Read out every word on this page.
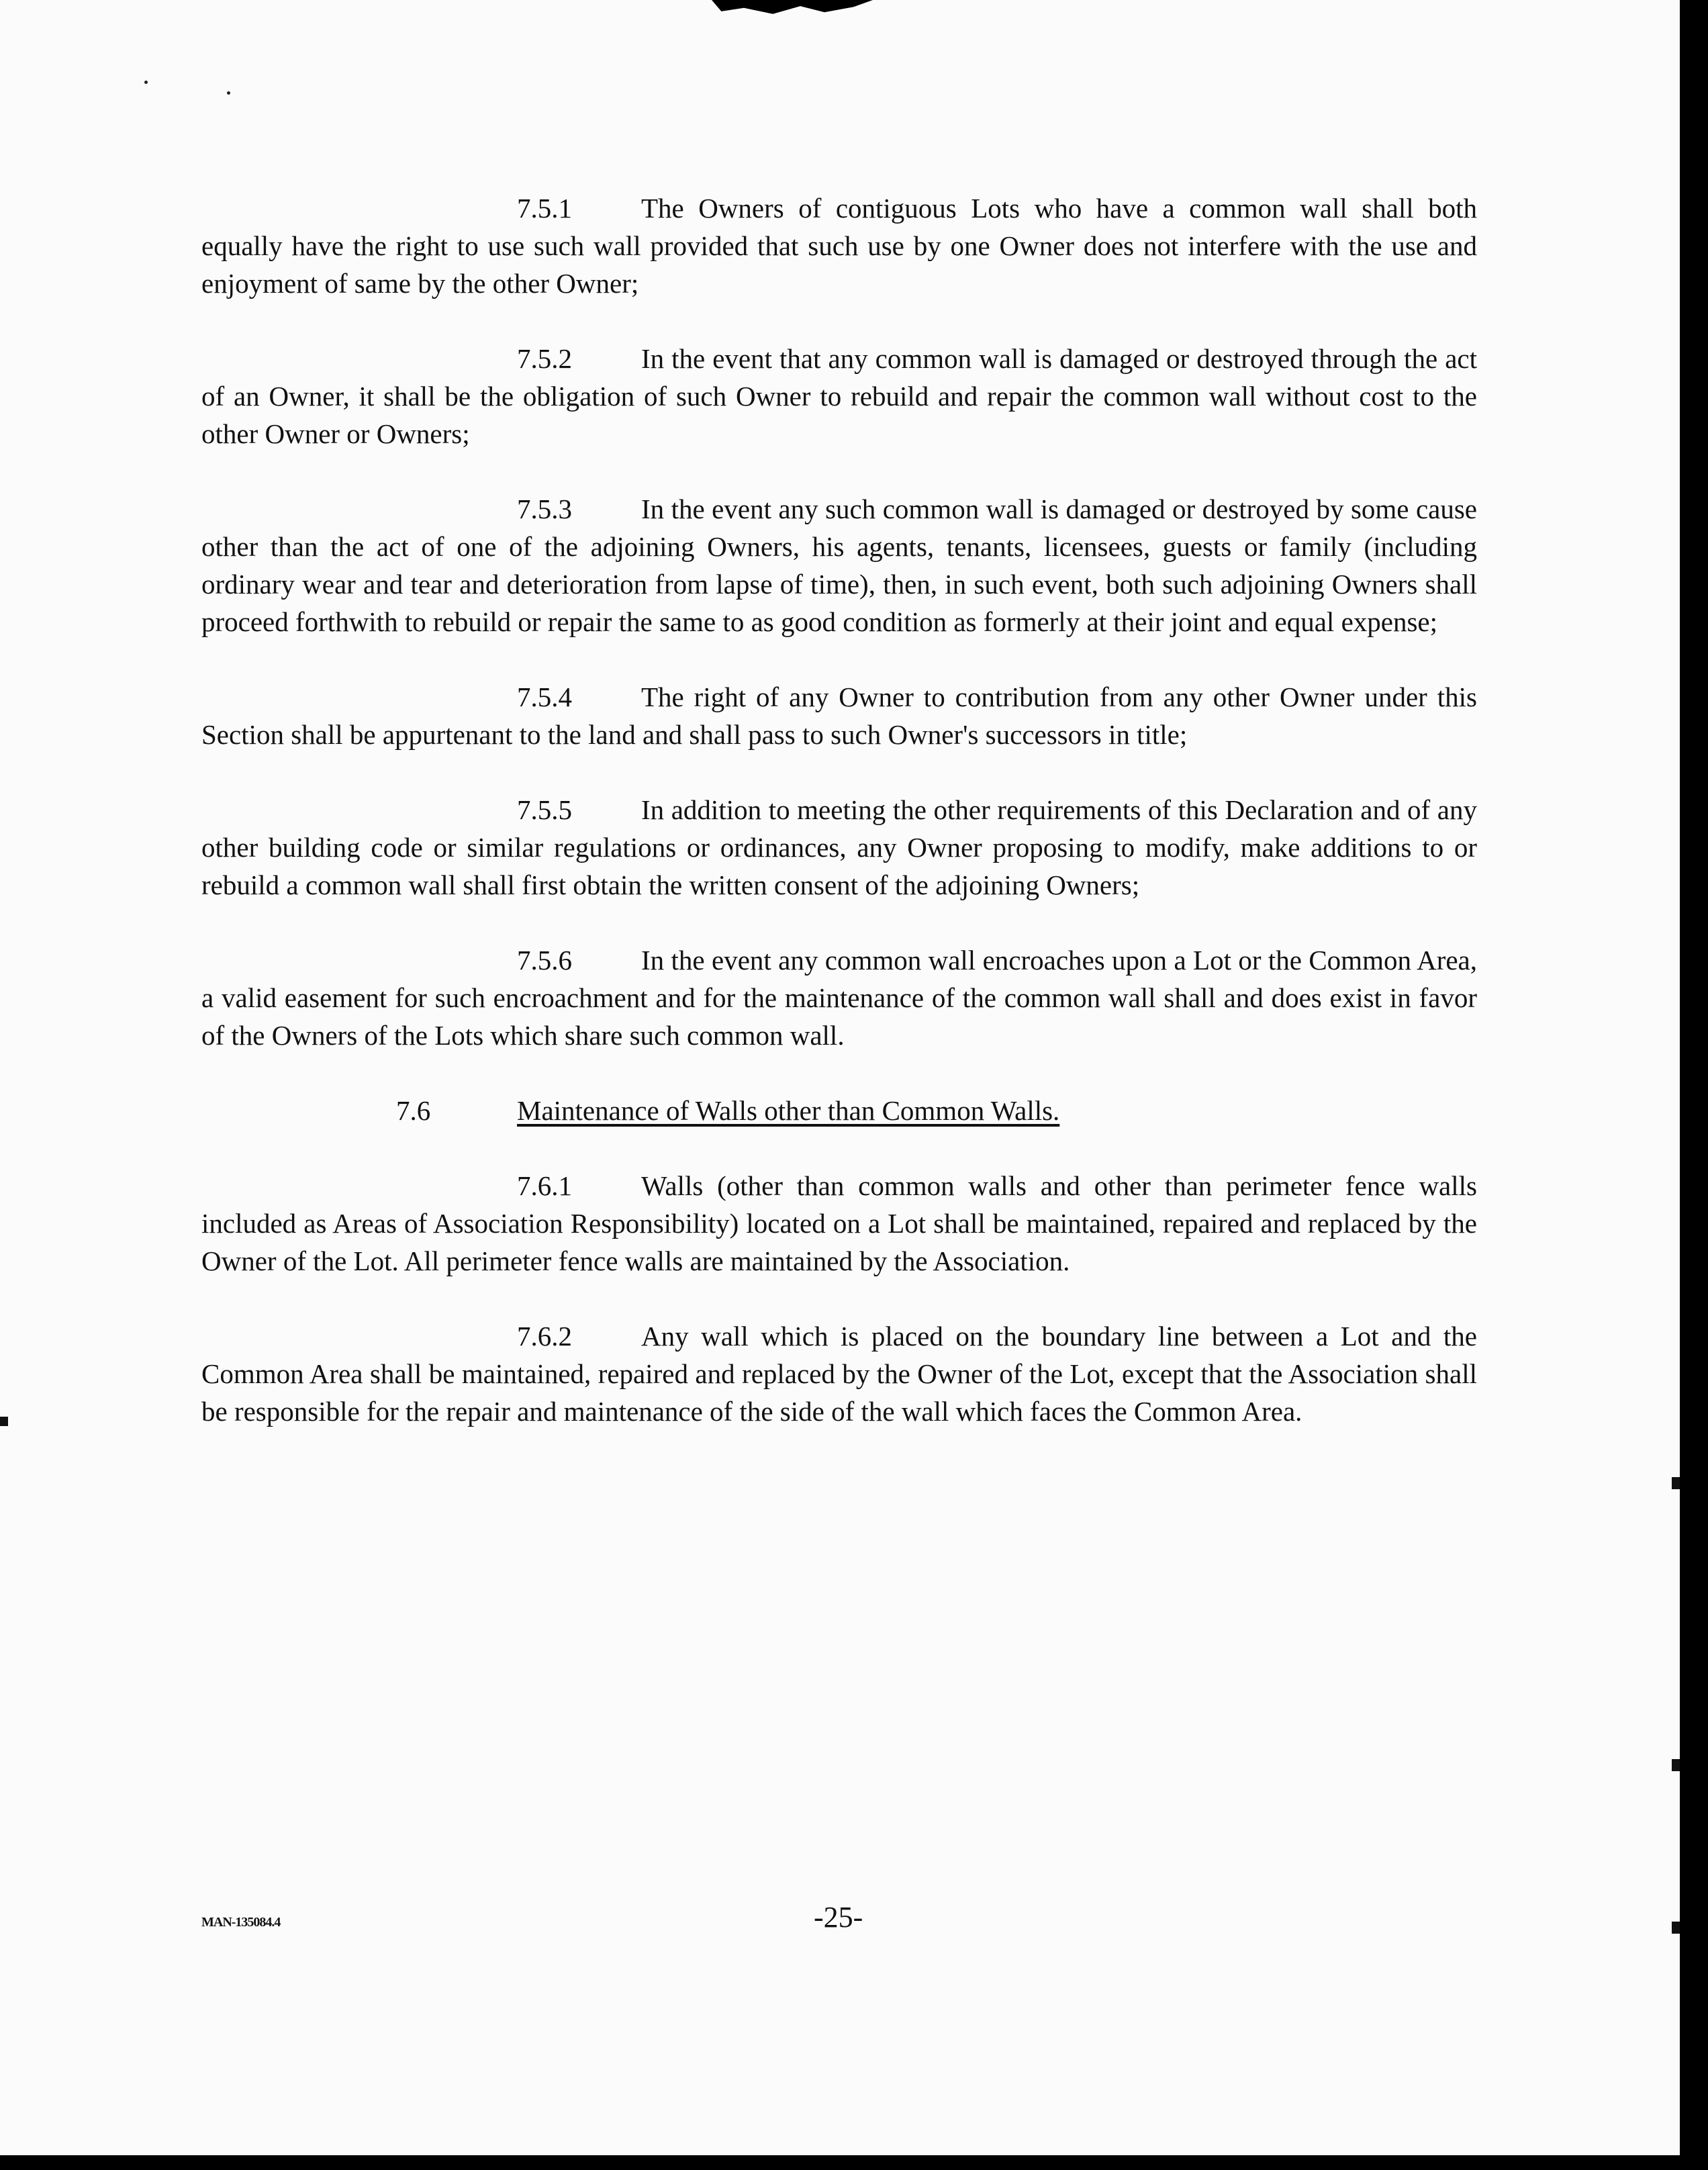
7.5.1	The Owners of contiguous Lots who have a common wall shall both equally have the right to use such wall provided that such use by one Owner does not interfere with the use and enjoyment of same by the other Owner;

7.5.2	In the event that any common wall is damaged or destroyed through the act of an Owner, it shall be the obligation of such Owner to rebuild and repair the common wall without cost to the other Owner or Owners;

7.5.3	In the event any such common wall is damaged or destroyed by some cause other than the act of one of the adjoining Owners, his agents, tenants, licensees, guests or family (including ordinary wear and tear and deterioration from lapse of time), then, in such event, both such adjoining Owners shall proceed forthwith to rebuild or repair the same to as good condition as formerly at their joint and equal expense;

7.5.4	The right of any Owner to contribution from any other Owner under this Section shall be appurtenant to the land and shall pass to such Owner's successors in title;

7.5.5	In addition to meeting the other requirements of this Declaration and of any other building code or similar regulations or ordinances, any Owner proposing to modify, make additions to or rebuild a common wall shall first obtain the written consent of the adjoining Owners;

7.5.6	In the event any common wall encroaches upon a Lot or the Common Area, a valid easement for such encroachment and for the maintenance of the common wall shall and does exist in favor of the Owners of the Lots which share such common wall.

7.6	Maintenance of Walls other than Common Walls.

7.6.1	Walls (other than common walls and other than perimeter fence walls included as Areas of Association Responsibility) located on a Lot shall be maintained, repaired and replaced by the Owner of the Lot. All perimeter fence walls are maintained by the Association.

7.6.2	Any wall which is placed on the boundary line between a Lot and the Common Area shall be maintained, repaired and replaced by the Owner of the Lot, except that the Association shall be responsible for the repair and maintenance of the side of the wall which faces the Common Area.

MAN-135084.4	-25-
